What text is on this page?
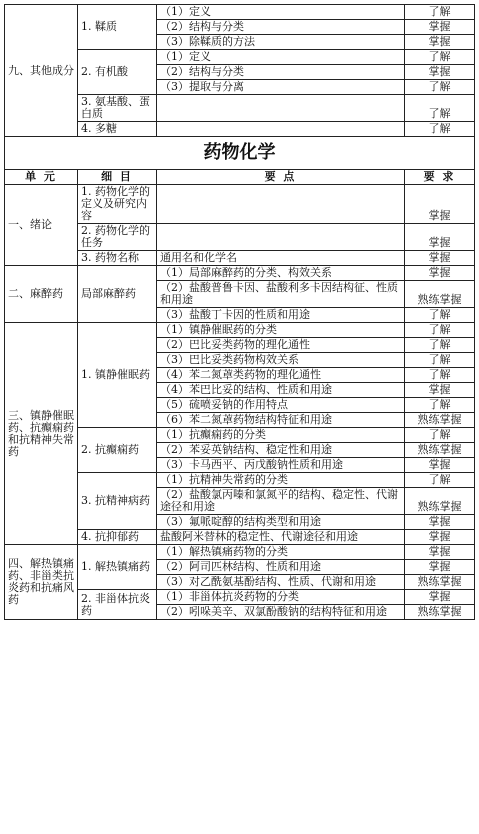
九、其他成分	1. 鞣质	（1）定义	了解
		（2）结构与分类	掌握
		（3）除鞣质的方法	掌握
	2. 有机酸	（1）定义	了解
		（2）结构与分类	掌握
		（3）提取与分离	了解
	3. 氨基酸、蛋白质		了解
	4. 多糖		了解
药物化学			
单 元	细 目	要 点	要 求
一、绪论	1. 药物化学的定义及研究内容		掌握
	2. 药物化学的任务		掌握
	3. 药物名称	通用名和化学名	掌握
二、麻醉药	局部麻醉药	（1）局部麻醉药的分类、构效关系	掌握
		（2）盐酸普鲁卡因、盐酸利多卡因结构征、性质和用途	熟练掌握
		（3）盐酸丁卡因的性质和用途	了解
三、镇静催眠药、抗癫痫药和抗精神失常药	1. 镇静催眠药	（1）镇静催眠药的分类	了解
		（2）巴比妥类药物的理化通性	了解
		（3）巴比妥类药物构效关系	了解
		（4）苯二氮䓬类药物的理化通性	了解
		（4）苯巴比妥的结构、性质和用途	掌握
		（5）硫喷妥钠的作用特点	了解
		（6）苯二氮䓬药物结构特征和用途	熟练掌握
	2. 抗癫痫药	（1）抗癫痫药的分类	了解
		（2）苯妥英钠结构、稳定性和用途	熟练掌握
		（3）卡马西平、丙戊酸钠性质和用途	掌握
	3. 抗精神病药	（1）抗精神失常药的分类	了解
		（2）盐酸氯丙嗪和氯氮平的结构、稳定性、代谢途径和用途	熟练掌握
		（3）氟哌啶醇的结构类型和用途	掌握
	4. 抗抑郁药	盐酸阿米替林的稳定性、代谢途径和用途	掌握
四、解热镇痛药、非甾类抗炎药和抗痛风药	1. 解热镇痛药	（1）解热镇痛药物的分类	掌握
		（2）阿司匹林结构、性质和用途	掌握
		（3）对乙酰氨基酚结构、性质、代谢和用途	熟练掌握
	2. 非甾体抗炎药	（1）非甾体抗炎药物的分类	掌握
		（2）吲哚美辛、双氯酚酸钠的结构特征和用途	熟练掌握
